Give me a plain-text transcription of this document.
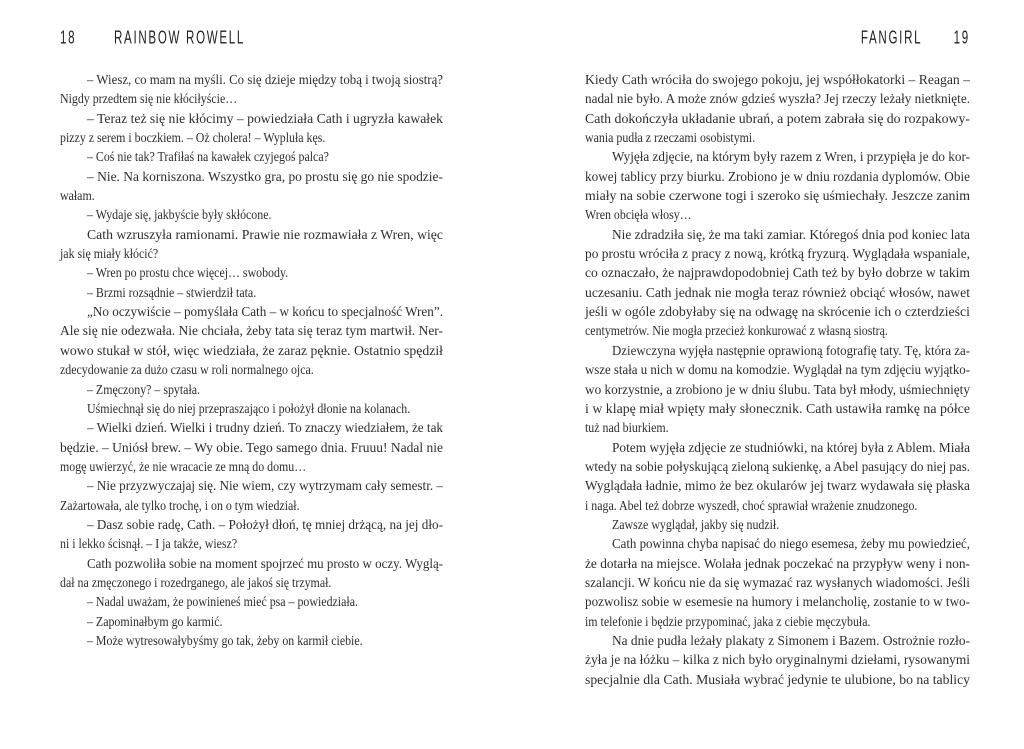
18 RAINBOW ROWELL	FANGIRL 19
– Wiesz, co mam na myśli. Co się dzieje między tobą i twoją siostrą?
Nigdy przedtem się nie kłóciłyście…
– Teraz też się nie kłócimy – powiedziała Cath i ugryzła kawałek
pizzy z serem i boczkiem. – Oż cholera! – Wypluła kęs.
– Coś nie tak? Trafiłaś na kawałek czyjegoś palca?
– Nie. Na korniszona. Wszystko gra, po prostu się go nie spodzie-
wałam.
– Wydaje się, jakbyście były skłócone.
Cath wzruszyła ramionami. Prawie nie rozmawiała z Wren, więc
jak się miały kłócić?
– Wren po prostu chce więcej… swobody.
– Brzmi rozsądnie – stwierdził tata.
„No oczywiście – pomyślała Cath – w końcu to specjalność Wren”.
Ale się nie odezwała. Nie chciała, żeby tata się teraz tym martwił. Ner-
wowo stukał w stół, więc wiedziała, że zaraz pęknie. Ostatnio spędził
zdecydowanie za dużo czasu w roli normalnego ojca.
– Zmęczony? – spytała.
Uśmiechnął się do niej przepraszająco i położył dłonie na kolanach.
– Wielki dzień. Wielki i trudny dzień. To znaczy wiedziałem, że tak
będzie. – Uniósł brew. – Wy obie. Tego samego dnia. Fruuu! Nadal nie
mogę uwierzyć, że nie wracacie ze mną do domu…
– Nie przyzwyczajaj się. Nie wiem, czy wytrzymam cały semestr. –
Zażartowała, ale tylko trochę, i on o tym wiedział.
– Dasz sobie radę, Cath. – Położył dłoń, tę mniej drżącą, na jej dło-
ni i lekko ścisnął. – I ja także, wiesz?
Cath pozwoliła sobie na moment spojrzeć mu prosto w oczy. Wyglą-
dał na zmęczonego i rozedrganego, ale jakoś się trzymał.
– Nadal uważam, że powinieneś mieć psa – powiedziała.
– Zapominałbym go karmić.
– Może wytresowałybyśmy go tak, żeby on karmił ciebie.
Kiedy Cath wróciła do swojego pokoju, jej współłokatorki – Reagan –
nadal nie było. A może znów gdzieś wyszła? Jej rzeczy leżały nietknięte.
Cath dokończyła układanie ubrań, a potem zabrała się do rozpakowy-
wania pudła z rzeczami osobistymi.
Wyjęła zdjęcie, na którym były razem z Wren, i przypięła je do kor-
kowej tablicy przy biurku. Zrobiono je w dniu rozdania dyplomów. Obie
miały na sobie czerwone togi i szeroko się uśmiechały. Jeszcze zanim
Wren obcięła włosy…
Nie zdradziła się, że ma taki zamiar. Któregoś dnia pod koniec lata
po prostu wróciła z pracy z nową, krótką fryzurą. Wyglądała wspaniale,
co oznaczało, że najprawdopodobniej Cath też by było dobrze w takim
uczesaniu. Cath jednak nie mogła teraz również obciąć włosów, nawet
jeśli w ogóle zdobyłaby się na odwagę na skrócenie ich o czterdzieści
centymetrów. Nie mogła przecież konkurować z własną siostrą.
Dziewczyna wyjęła następnie oprawioną fotografię taty. Tę, która za-
wsze stała u nich w domu na komodzie. Wyglądał na tym zdjęciu wyjątko-
wo korzystnie, a zrobiono je w dniu ślubu. Tata był młody, uśmiechnięty
i w klapę miał wpięty mały słonecznik. Cath ustawiła ramkę na półce
tuż nad biurkiem.
Potem wyjęła zdjęcie ze studniówki, na której była z Ablem. Miała
wtedy na sobie połyskującą zieloną sukienkę, a Abel pasujący do niej pas.
Wyglądała ładnie, mimo że bez okularów jej twarz wydawała się płaska
i naga. Abel też dobrze wyszedł, choć sprawiał wrażenie znudzonego.
Zawsze wyglądał, jakby się nudził.
Cath powinna chyba napisać do niego esemesa, żeby mu powiedzieć,
że dotarła na miejsce. Wolała jednak poczekać na przypływ weny i non-
szalancji. W końcu nie da się wymazać raz wysłanych wiadomości. Jeśli
pozwolisz sobie w esemesie na humory i melancholię, zostanie to w two-
im telefonie i będzie przypominać, jaka z ciebie męczybuła.
Na dnie pudła leżały plakaty z Simonem i Bazem. Ostrożnie rozło-
żyła je na łóżku – kilka z nich było oryginalnymi dziełami, rysowanymi
specjalnie dla Cath. Musiała wybrać jedynie te ulubione, bo na tablicy
